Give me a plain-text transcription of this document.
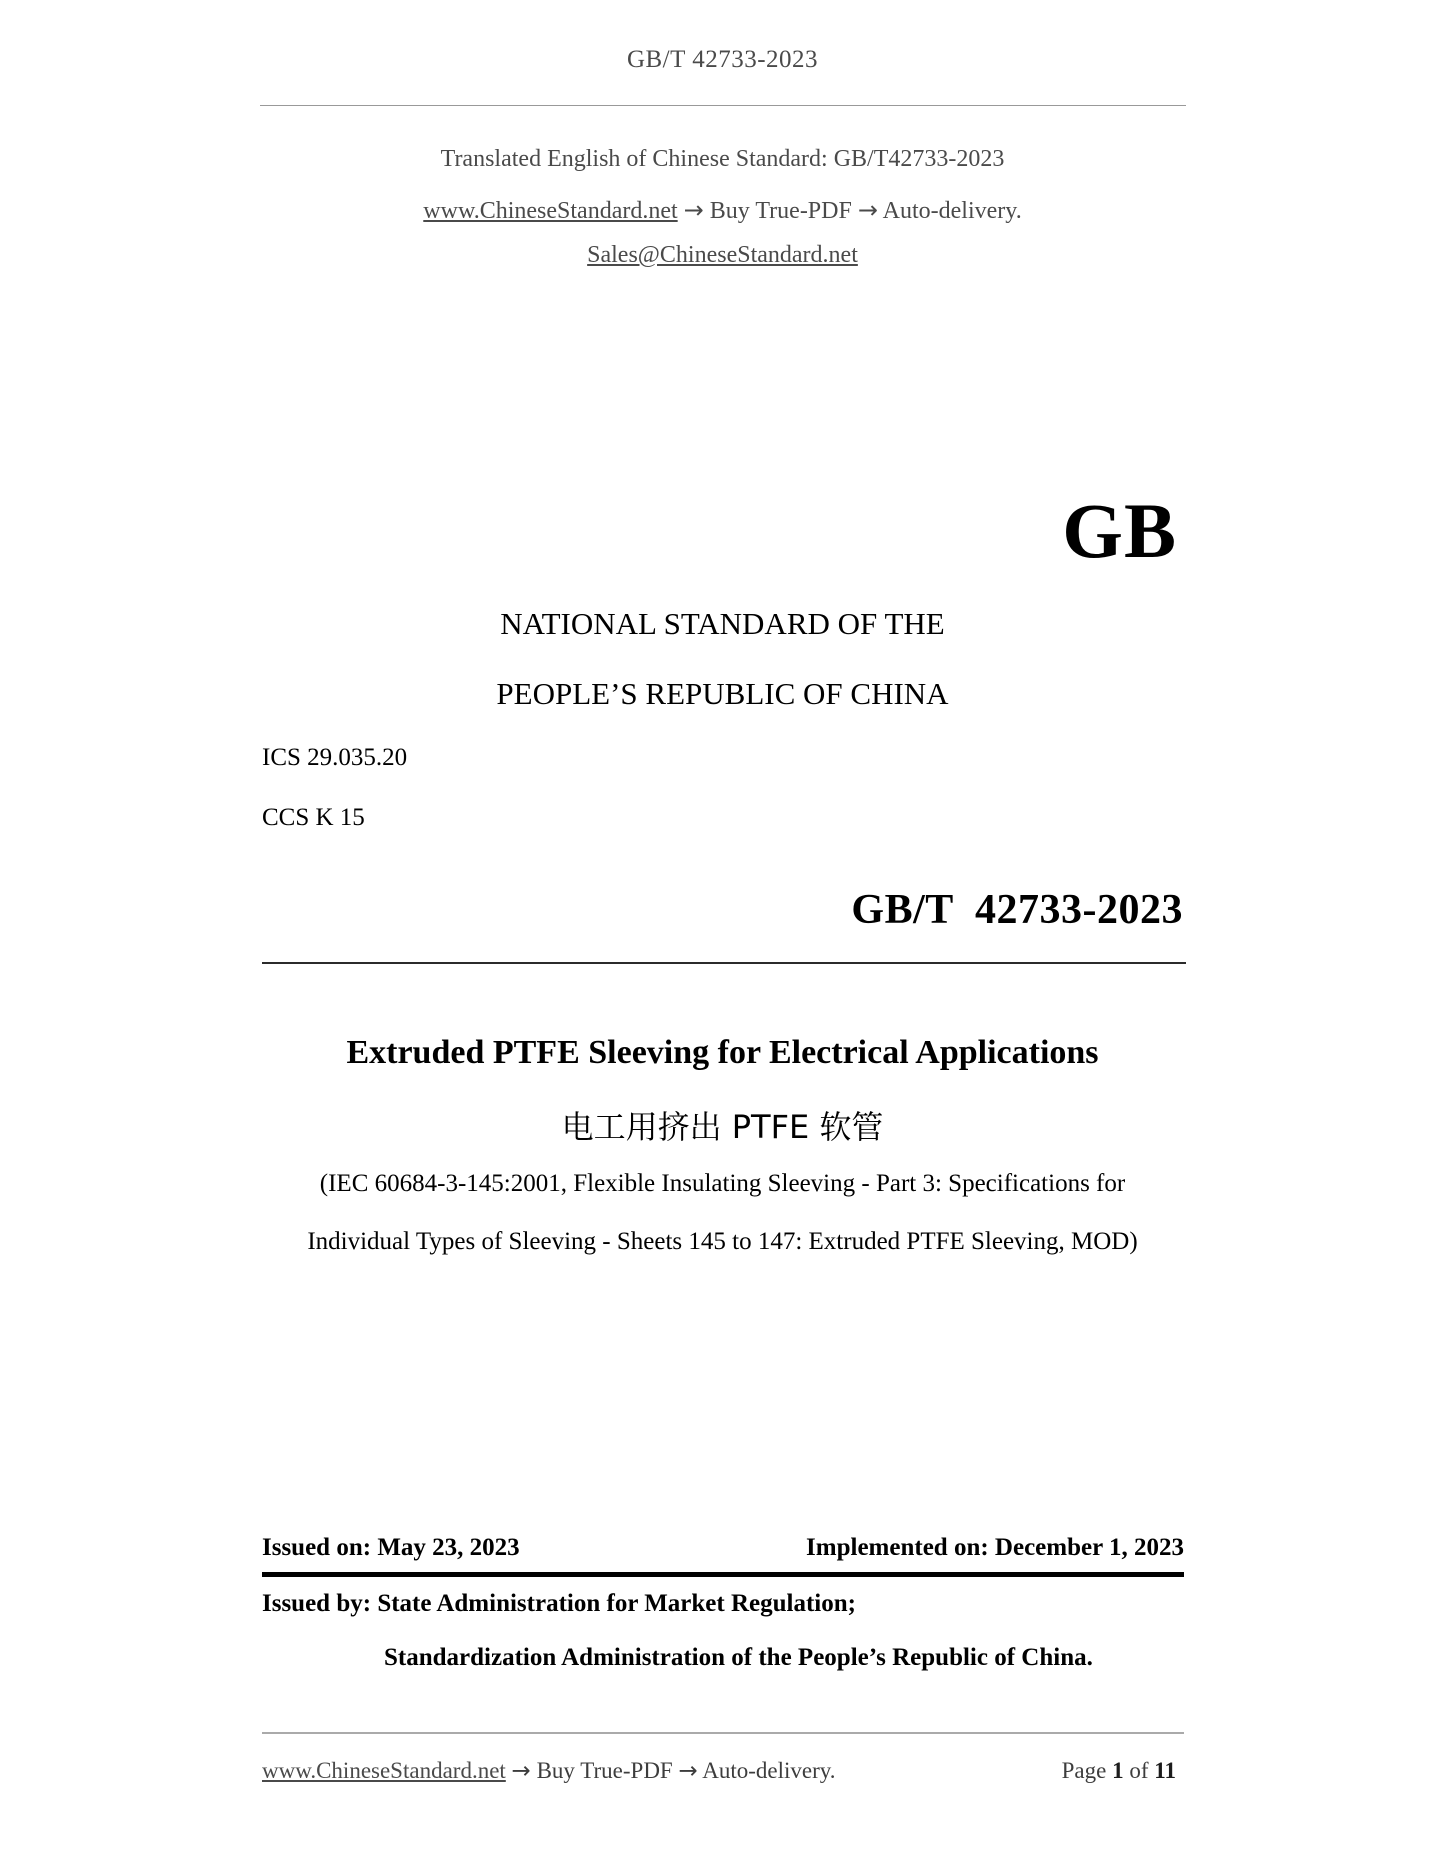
GB/T 42733-2023
Translated English of Chinese Standard: GB/T42733-2023
www.ChineseStandard.net → Buy True-PDF → Auto-delivery.
Sales@ChineseStandard.net
GB
NATIONAL STANDARD OF THE
PEOPLE’S REPUBLIC OF CHINA
ICS 29.035.20
CCS K 15
GB/T  42733-2023
Extruded PTFE Sleeving for Electrical Applications
电工用挤出 PTFE 软管
(IEC 60684-3-145:2001, Flexible Insulating Sleeving - Part 3: Specifications for
Individual Types of Sleeving - Sheets 145 to 147: Extruded PTFE Sleeving, MOD)
Issued on: May 23, 2023	Implemented on: December 1, 2023
Issued by: State Administration for Market Regulation;
Standardization Administration of the People’s Republic of China.
www.ChineseStandard.net → Buy True-PDF → Auto-delivery.	Page 1 of 11
